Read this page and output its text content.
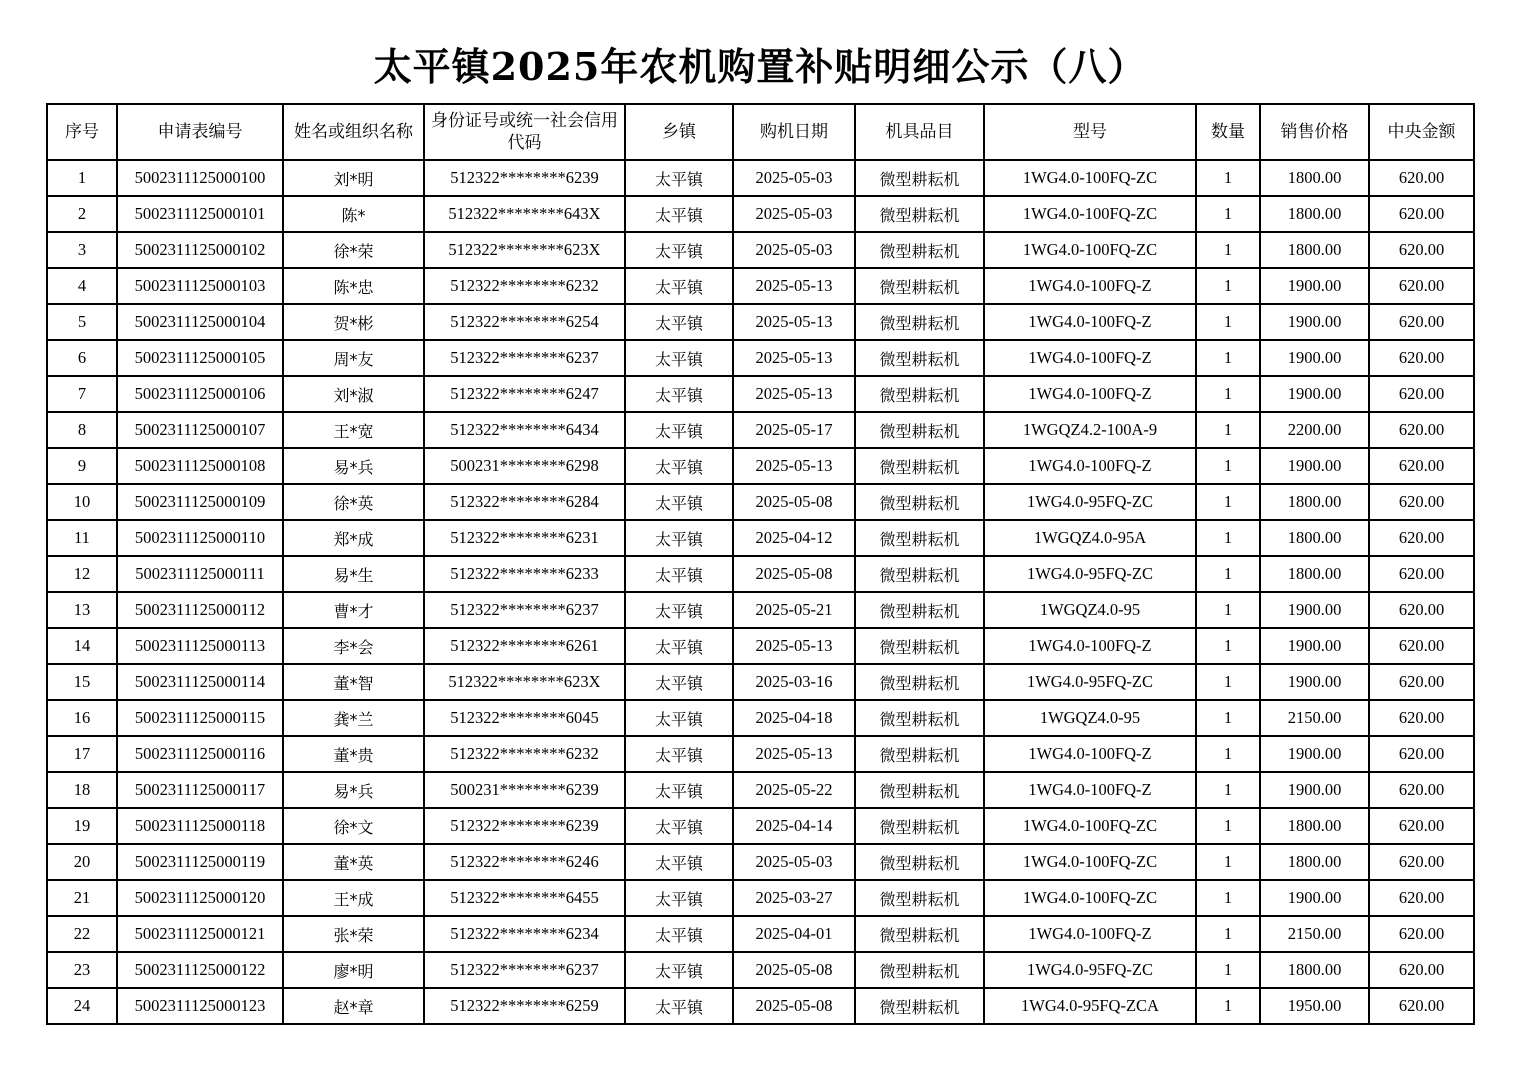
太平镇2025年农机购置补贴明细公示（八）
序号	申请表编号	姓名或组织名称	身份证号或统一社会信用代码	乡镇	购机日期	机具品目	型号	数量	销售价格	中央金额
1	5002311125000100	刘*明	512322********6239	太平镇	2025-05-03	微型耕耘机	1WG4.0-100FQ-ZC	1	1800.00	620.00
2	5002311125000101	陈*	512322********643X	太平镇	2025-05-03	微型耕耘机	1WG4.0-100FQ-ZC	1	1800.00	620.00
3	5002311125000102	徐*荣	512322********623X	太平镇	2025-05-03	微型耕耘机	1WG4.0-100FQ-ZC	1	1800.00	620.00
4	5002311125000103	陈*忠	512322********6232	太平镇	2025-05-13	微型耕耘机	1WG4.0-100FQ-Z	1	1900.00	620.00
5	5002311125000104	贺*彬	512322********6254	太平镇	2025-05-13	微型耕耘机	1WG4.0-100FQ-Z	1	1900.00	620.00
6	5002311125000105	周*友	512322********6237	太平镇	2025-05-13	微型耕耘机	1WG4.0-100FQ-Z	1	1900.00	620.00
7	5002311125000106	刘*淑	512322********6247	太平镇	2025-05-13	微型耕耘机	1WG4.0-100FQ-Z	1	1900.00	620.00
8	5002311125000107	王*宽	512322********6434	太平镇	2025-05-17	微型耕耘机	1WGQZ4.2-100A-9	1	2200.00	620.00
9	5002311125000108	易*兵	500231********6298	太平镇	2025-05-13	微型耕耘机	1WG4.0-100FQ-Z	1	1900.00	620.00
10	5002311125000109	徐*英	512322********6284	太平镇	2025-05-08	微型耕耘机	1WG4.0-95FQ-ZC	1	1800.00	620.00
11	5002311125000110	郑*成	512322********6231	太平镇	2025-04-12	微型耕耘机	1WGQZ4.0-95A	1	1800.00	620.00
12	5002311125000111	易*生	512322********6233	太平镇	2025-05-08	微型耕耘机	1WG4.0-95FQ-ZC	1	1800.00	620.00
13	5002311125000112	曹*才	512322********6237	太平镇	2025-05-21	微型耕耘机	1WGQZ4.0-95	1	1900.00	620.00
14	5002311125000113	李*会	512322********6261	太平镇	2025-05-13	微型耕耘机	1WG4.0-100FQ-Z	1	1900.00	620.00
15	5002311125000114	董*智	512322********623X	太平镇	2025-03-16	微型耕耘机	1WG4.0-95FQ-ZC	1	1900.00	620.00
16	5002311125000115	龚*兰	512322********6045	太平镇	2025-04-18	微型耕耘机	1WGQZ4.0-95	1	2150.00	620.00
17	5002311125000116	董*贵	512322********6232	太平镇	2025-05-13	微型耕耘机	1WG4.0-100FQ-Z	1	1900.00	620.00
18	5002311125000117	易*兵	500231********6239	太平镇	2025-05-22	微型耕耘机	1WG4.0-100FQ-Z	1	1900.00	620.00
19	5002311125000118	徐*文	512322********6239	太平镇	2025-04-14	微型耕耘机	1WG4.0-100FQ-ZC	1	1800.00	620.00
20	5002311125000119	董*英	512322********6246	太平镇	2025-05-03	微型耕耘机	1WG4.0-100FQ-ZC	1	1800.00	620.00
21	5002311125000120	王*成	512322********6455	太平镇	2025-03-27	微型耕耘机	1WG4.0-100FQ-ZC	1	1900.00	620.00
22	5002311125000121	张*荣	512322********6234	太平镇	2025-04-01	微型耕耘机	1WG4.0-100FQ-Z	1	2150.00	620.00
23	5002311125000122	廖*明	512322********6237	太平镇	2025-05-08	微型耕耘机	1WG4.0-95FQ-ZC	1	1800.00	620.00
24	5002311125000123	赵*章	512322********6259	太平镇	2025-05-08	微型耕耘机	1WG4.0-95FQ-ZCA	1	1950.00	620.00
